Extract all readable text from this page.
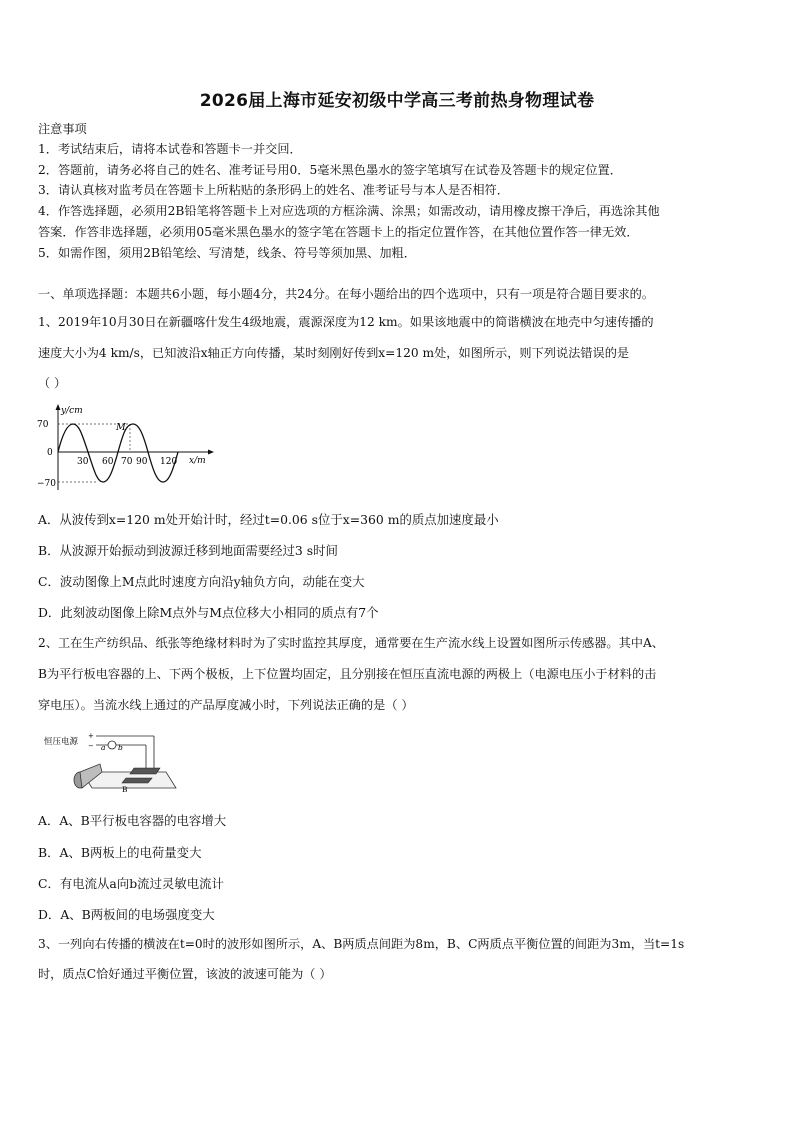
2026届上海市延安初级中学高三考前热身物理试卷
注意事项
1．考试结束后，请将本试卷和答题卡一并交回．
2．答题前，请务必将自己的姓名、准考证号用0．5毫米黑色墨水的签字笔填写在试卷及答题卡的规定位置．
3．请认真核对监考员在答题卡上所粘贴的条形码上的姓名、准考证号与本人是否相符．
4．作答选择题，必须用2B铅笔将答题卡上对应选项的方框涂满、涂黑；如需改动，请用橡皮擦干净后，再选涂其他
答案．作答非选择题，必须用05毫米黑色墨水的签字笔在答题卡上的指定位置作答，在其他位置作答一律无效．
5．如需作图，须用2B铅笔绘、写清楚，线条、符号等须加黑、加粗．
一、单项选择题：本题共6小题，每小题4分，共24分。在每小题给出的四个选项中，只有一项是符合题目要求的。
1、2019年10月30日在新疆喀什发生4级地震，震源深度为12 km。如果该地震中的简谐横波在地壳中匀速传播的
速度大小为4 km/s，已知波沿x轴正方向传播，某时刻刚好传到x=120 m处，如图所示，则下列说法错误的是
（ ）
y/cm
70
0
−70
30 60 70 90 120 x/m
M
A．从波传到x=120 m处开始计时，经过t=0.06 s位于x=360 m的质点加速度最小
B．从波源开始振动到波源迁移到地面需要经过3 s时间
C．波动图像上M点此时速度方向沿y轴负方向，动能在变大
D．此刻波动图像上除M点外与M点位移大小相同的质点有7个
2、工在生产纺织品、纸张等绝缘材料时为了实时监控其厚度，通常要在生产流水线上设置如图所示传感器。其中A、
B为平行板电容器的上、下两个极板，上下位置均固定，且分别接在恒压直流电源的两极上（电源电压小于材料的击
穿电压）。当流水线上通过的产品厚度减小时，下列说法正确的是（ ）
恒压电源
+
− a b
B
A．A、B平行板电容器的电容增大
B．A、B两板上的电荷量变大
C．有电流从a向b流过灵敏电流计
D．A、B两板间的电场强度变大
3、一列向右传播的横波在t=0时的波形如图所示，A、B两质点间距为8m，B、C两质点平衡位置的间距为3m，当t=1s
时，质点C恰好通过平衡位置，该波的波速可能为（ ）
